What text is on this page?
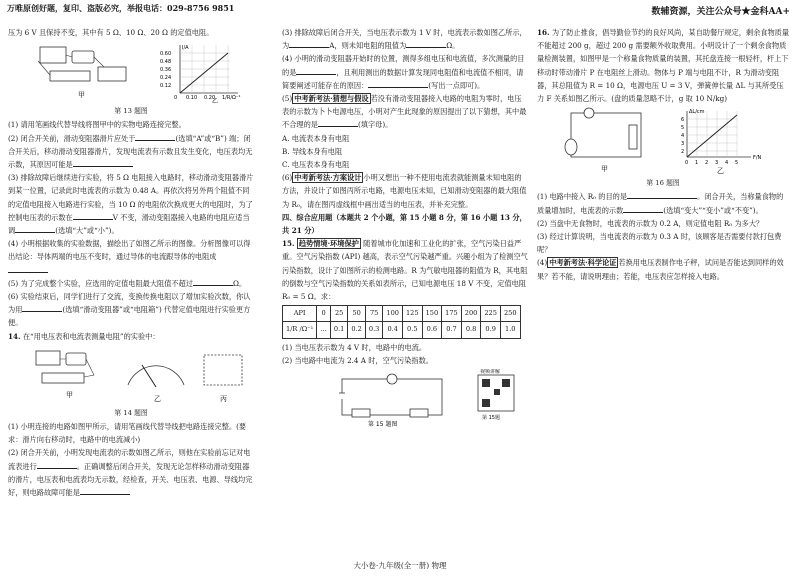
万唯原创好题，复印、盗版必究，举报电话：029-8756 9851	数辅资源，关注公众号★金科AA+

压为 6 V 且保持不变，其中有 5 Ω、10 Ω、20 Ω 的定值电阻。

甲
I/A
0.60
0.48
0.36
0.24
0.12
0 0.10 0.20 1/R/Ω⁻¹
乙
第 13 题图

(1) 请用笔画线代替导线将图甲中的实物电路连接完整。

(2) 闭合开关前，滑动变阻器滑片应处于	(选填“A”或“B”) 端；闭合开关后，移动滑动变阻器滑片，发现电流表有示数且发生变化，电压表均无示数，其原因可能是

(3) 排除故障后继续进行实验，将 5 Ω 电阻接入电路时，移动滑动变阻器滑片到某一位置，记录此时电流表的示数为 0.48 A。再依次将另外两个阻值不同的定值电阻接入电路进行实验，当 10 Ω 的电阻依次换成更大的电阻时，为了控制电压表的示数在	V 不变，滑动变阻器接入电路的电阻应适当调	(选填“大”或“小”)。

(4) 小明根据收集的实验数据，描绘出了如图乙所示的图像。分析图像可以得出结论：导体两端的电压不变时，通过导体的电流跟导体的电阻成

(5) 为了完成整个实验，应选用的定值电阻最大阻值不超过	Ω。

(6) 实验结束后，同学们进行了交流，变换传换电阻以了增加实验次数，你认为用	(选填“滑动变阻器”或“电阻箱”) 代替定值电阻进行实验更方便。

14. 在“用电压表和电流表测量电阻”的实验中：

甲	乙	丙
第 14 题图

(1) 小明连接的电路如图甲所示，请用笔画线代替导线把电路连接完整。(要求：滑片向右移动时，电路中的电流减小)

(2) 闭合开关前，小明发现电流表的示数如图乙所示，则他在实验前忘记对电流表进行	。正确调整后闭合开关，发现无论怎样移动滑动变阻器的滑片，电压表和电流表均无示数，经检查，开关、电压表、电源、导线均完好，则电路故障可能是

(3) 排除故障后闭合开关，当电压表示数为 1 V 时，电流表示数如图乙所示，为	A，则未知电阻的阻值为	Ω。

(4) 小明的滑动变阻器开始时的位置，测得多组电压和电流值，多次测量的目的是	，且利用测出的数据计算发现同电阻值和电流值不相同，请简要阐述可能存在的原因：	(写出一点即可)。

(5) 中考新考法·猜想与假设 若没有滑动变阻器接入电路的电阻为零时，电压表的示数为卜卜电源电压，小明对产生此现象的原因提出了以下猜想，其中最不合理的是	(填字母)。

A. 电流表本身有电阻

B. 导线本身有电阻

C. 电压表本身有电阻

(6) 中考新考法·方案设计 小明又想出一种不使用电流表就能测量未知电阻的方法，并设计了如图丙所示电路，电源电压未知，已知滑动变阻器的最大阻值为 R₀，请在图丙虚线框中画出适当的电压表，并补充完整。

四、综合应用题（本题共 2 个小题，第 15 小题 8 分，第 16 小题 13 分，共 21 分）

15. 趋势情境·环境保护 随着城市化加速和工业化的扩张，空气污染日益严重。空气污染指数 (API) 越高，表示空气污染越严重。兴趣小组为了检测空气污染指数，设计了如图所示的检测电路。R 为气敏电阻器的阻值为 R，其电阻的倒数与空气污染指数的关系如表所示，已知电源电压 18 V 不变，定值电阻 R₀ = 5 Ω。求：

API	0	25	50	75	100	125	150	175	200	225	250
1/R /Ω⁻¹	…	0.1	0.2	0.3	0.4	0.5	0.6	0.7	0.8	0.9	1.0

(1) 当电压表示数为 4 V 时，电路中的电流。

(2) 当电路中电流为 2.4 A 时，空气污染指数。

第 15 题图
视频讲解
第 15题

16. 为了防止推食，倡导勤俭节约的良好风尚，某自助餐厅规定，剩余食物质量不能超过 200 g，超过 200 g 需要额外收取费用。小明设计了一个剩余食物质量检测装置，如图甲是一个称量食物质量的装置，其托盘连接一根轻杆，杆上下移动时带动滑片 P 在电阻丝上滑动。物体与 P 端与电阻不计，R 为滑动变阻器，其总阻值为 R = 10 Ω，电源电压 U = 3 V，弹簧伸长量 ΔL 与其所受压力 F 关系如图乙所示。(盘的质量忽略不计，g 取 10 N/kg)

甲
ΔL/cm
F/N
0 1 2 3 4 5
6
5
4
3
2
乙
第 16 题图

(1) 电路中接入 R₀ 的目的是	。闭合开关，当称量食物的质量增加时，电流表的示数	(选填“变大”“变小”或“不变”)。

(2) 当盘中无食物时，电流表的示数为 0.2 A，则定值电阻 R₀ 为多大？

(3) 经过计算说明，当电流表的示数为 0.3 A 时，该顾客是否需要付款打包费呢？

(4) 中考新考法·科学论证 若换用电压表制作电子秤，试问是否能达到同样的效果？若不能，请说明理由；若能，电压表应怎样接入电路。

大小卷·九年级(全一册) 物理
